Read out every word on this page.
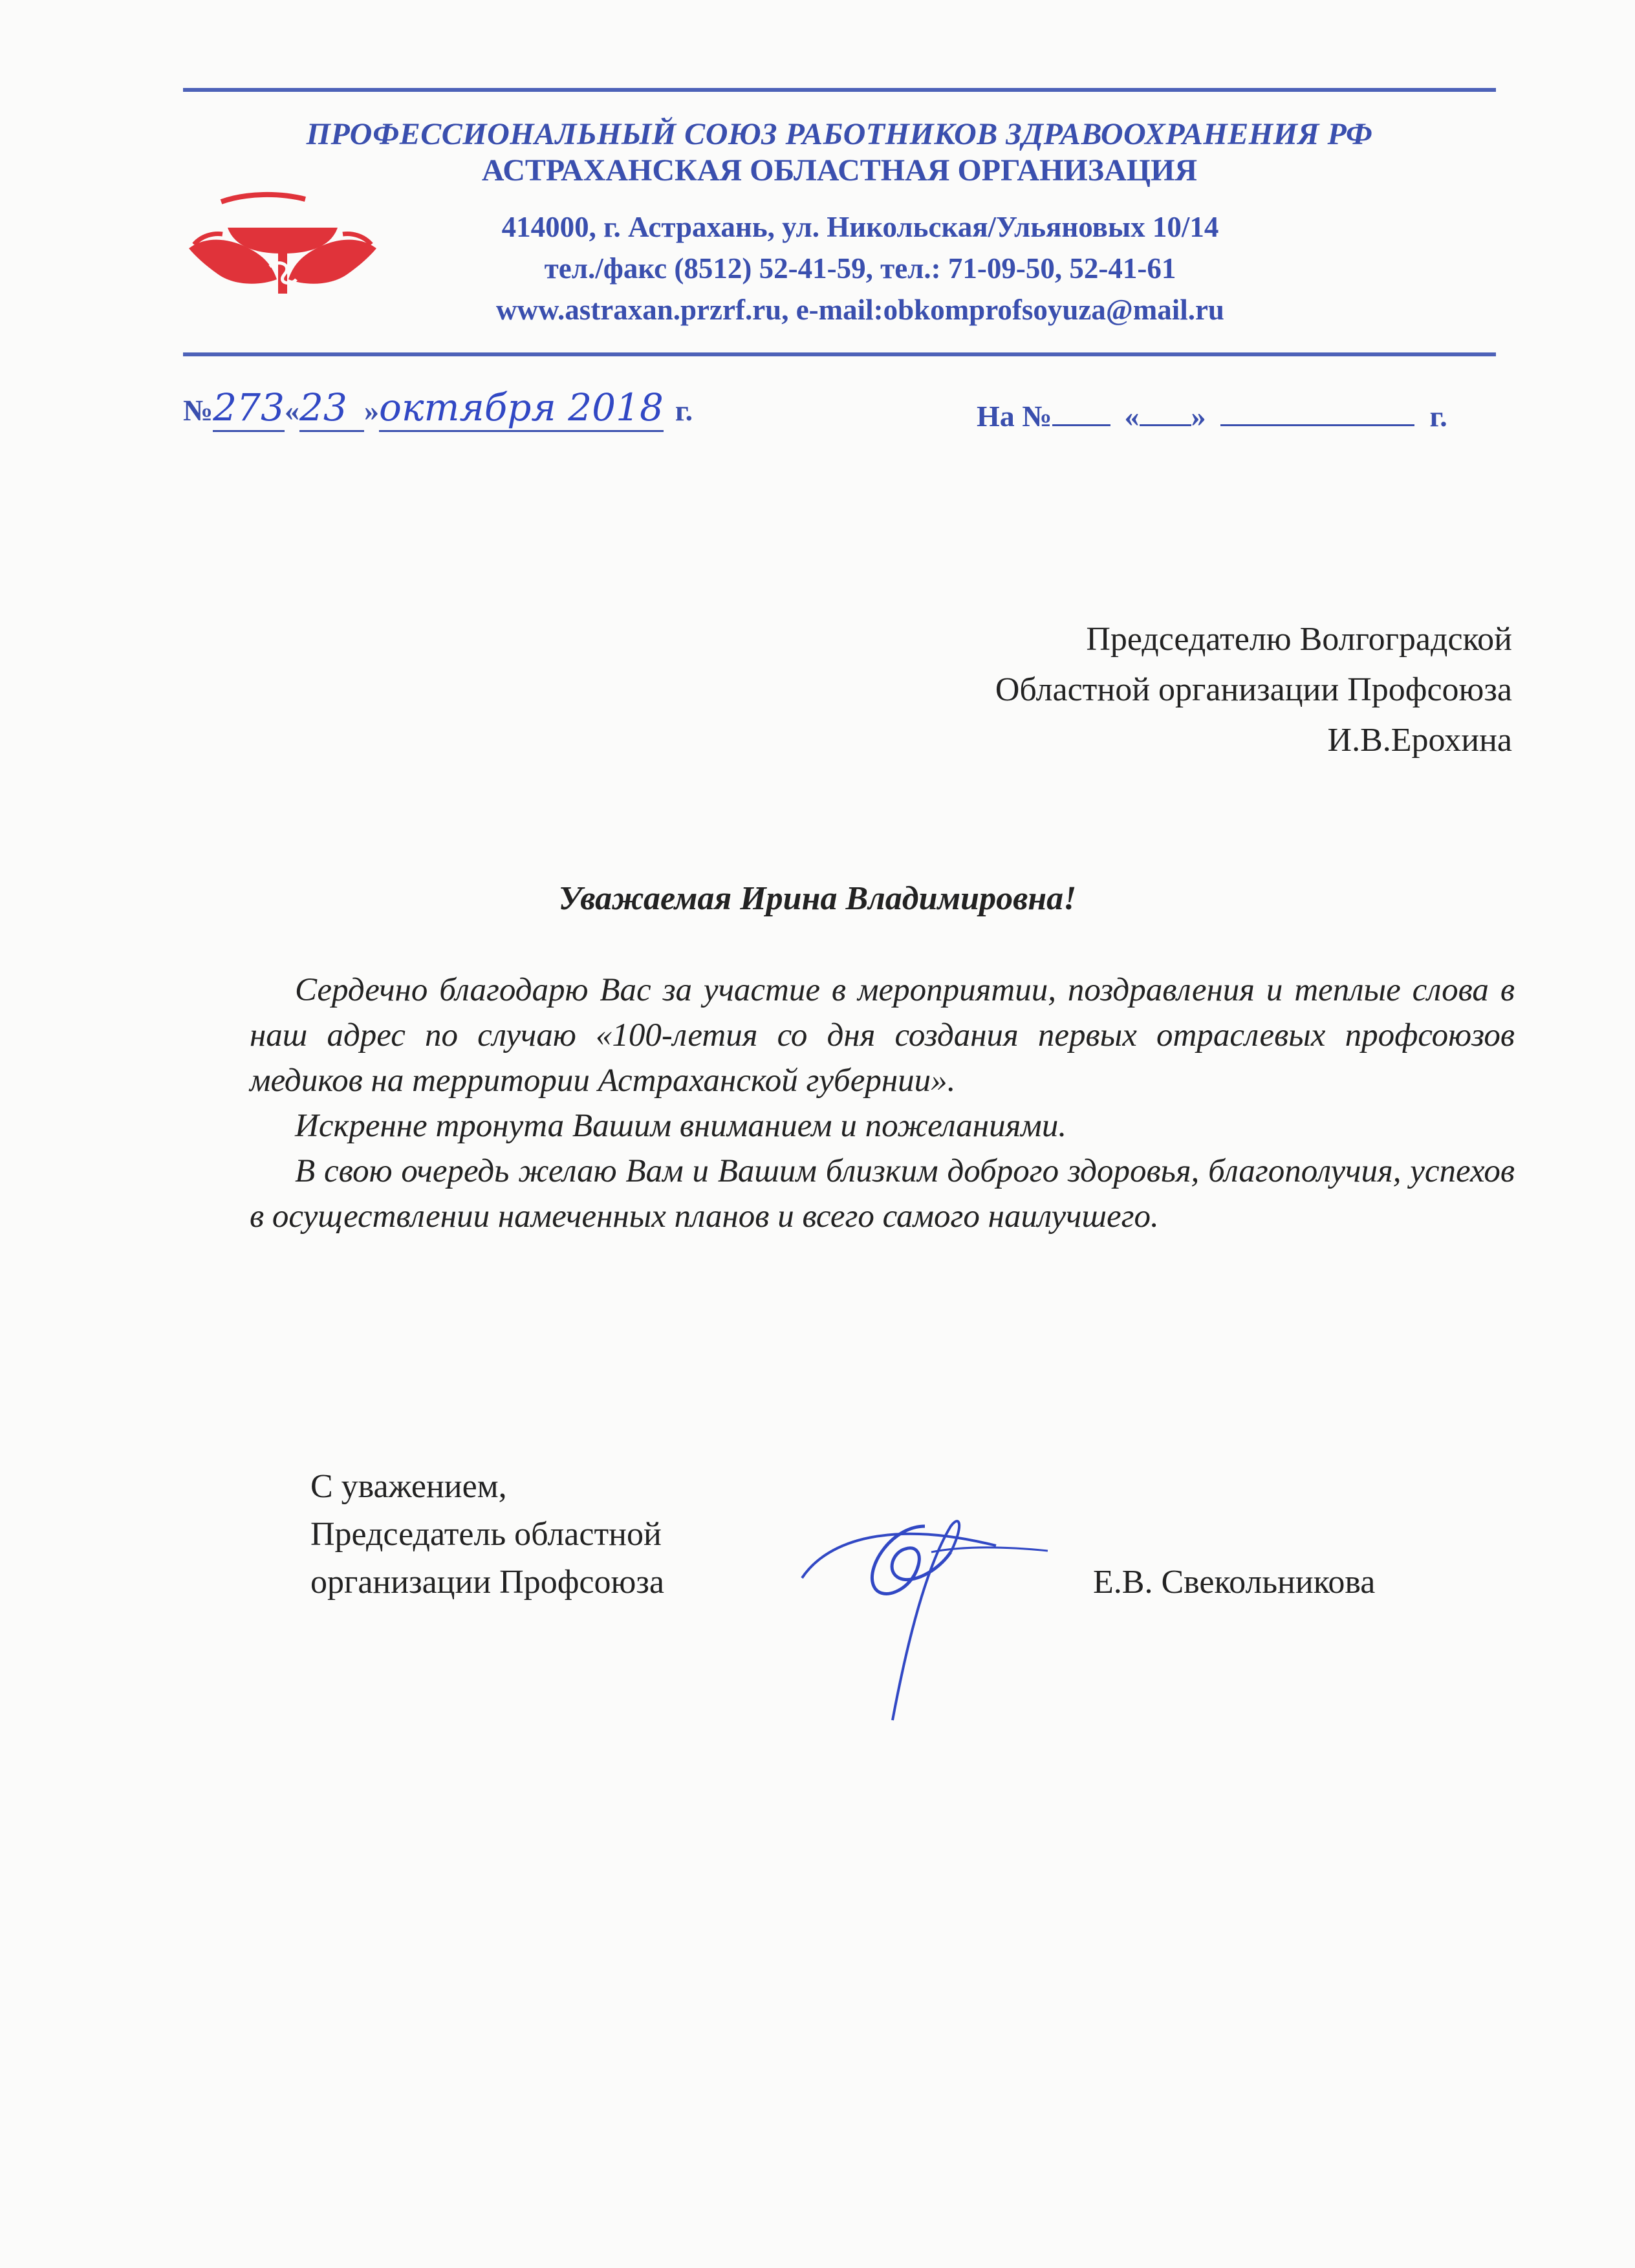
ПРОФЕССИОНАЛЬНЫЙ СОЮЗ РАБОТНИКОВ ЗДРАВООХРАНЕНИЯ РФ
АСТРАХАНСКАЯ ОБЛАСТНАЯ ОРГАНИЗАЦИЯ
414000, г. Астрахань, ул. Никольская/Ульяновых 10/14
тел./факс (8512) 52-41-59, тел.: 71-09-50, 52-41-61
www.astraxan.przrf.ru, e-mail:obkomprofsoyuza@mail.ru
№273«23 »октября 2018 г.	На № « »	г.
Председателю Волгоградской
Областной организации Профсоюза
И.В.Ерохина
Уважаемая Ирина Владимировна!

Сердечно благодарю Вас за участие в мероприятии, поздравления и теплые слова в наш адрес по случаю «100-летия со дня создания первых отраслевых профсоюзов медиков на территории Астраханской губернии».

Искренне тронута Вашим вниманием и пожеланиями.

В свою очередь желаю Вам и Вашим близким доброго здоровья, благополучия, успехов в осуществлении намеченных планов и всего самого наилучшего.

С уважением,
Председатель областной
организации Профсоюза	Е.В. Свекольникова
